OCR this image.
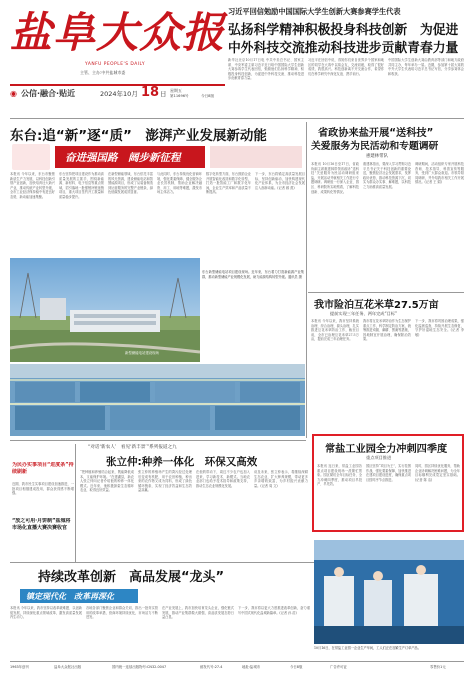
盐阜大众报
YANFU PEOPLE'S DAILY
主管、主办:中共盐城市委
◉ 公信·融合·贴近	2024年10月 18 日 星期五
第11696号	今日8版
习近平回信勉励中国国际大学生创新大赛参赛学生代表
弘扬科学精神积极投身科技创新　为促进
中外科技交流推动科技进步贡献青春力量
新华社北京10月17日电 中共中央总书记、国家主席、中央军委主席习近平近日给中国国际大学生创新大赛参赛学生代表回信，勉励他们弘扬科学精神，积极投身科技创新，为促进中外科技交流、推动科技进步贡献青春力量。
习近平在回信中说，得知你们来自世界多个国家和地区的同学在大赛中以赛会友，交流切磋，取得了很好成绩，我很高兴。科技创新离不开交流合作，希望你们在科学研究中深化友谊、携手前行。
中国国际大学生创新大赛由教育部等部门和地方政府共同主办，每年举办一届。近期，参加第十届大赛的中外大学生代表给习近平总书记写信，分享参赛体会和收获。
东台:追“新”逐“质”　澎湃产业发展新动能
奋进强国路　阔步新征程
本报讯 今年以来，东台市聚焦新质生产力发展，以科技创新引领产业创新，加快培育壮大新兴产业，推动传统产业转型升级，全市工业经济保持稳中有进良好态势，新动能加速集聚。
东台坚持把项目建设作为推动高质量发展的主抓手，围绕新能源、新材料、电子信息等重点领域，招引落地一批强链补链延链项目，重大项目签约开工数量和质量稳步提升。
在新型储能领域，东台依托丰富的风光资源，建设储能电站和智慧能源项目，形成了从装备制造到运营服务的完整产业链条，绿色低碳发展成效显著。
与此同时，东台持续优化营商环境，强化要素保障，健全服务企业长效机制，帮助企业解决融资、用工、用地等难题，激发市场主体活力。
数字化转型方面，东台鼓励企业开展智能化改造和数字化转型，打造一批智能工厂和数字化车间，企业生产效率和产品质量不断提高。
下一步，东台将锚定高质量发展目标，坚持创新驱动，加快构建现代化产业体系，为全市经济社会发展注入澎湃动能。(记者 顾 燕)
新型储能电站建设现场
东台新型储能电站项目建设现场。近年来，东台着力打造新能源产业集群，推动新型储能产业规模化发展，助力能源结构转型升级。通讯员 摄
省政协来盐开展“送科技”
关爱服务为民活动和专题调研
惠建林带队
本报讯 10月16日至17日，省政协副主席惠建林带领省政协“送科技”关爱服务为民活动调研组来盐，开展活动并就相关工作进行专题调研。调研组一行深入企业、园区、科研院所实地察看，了解科技创新、成果转化等情况。
惠建林指出，要深入学习贯彻习近平总书记关于科技创新的重要论述，聚焦经济社会发展需求，发挥政协优势，推动科技资源下沉，切实为群众办实事、解难题，以科技之力助推高质量发展。
调研期间，活动组织专家开展科技咨询、技术指导、科普宣传等服务，受到广大群众欢迎。市领导陪同调研，并介绍我市相关工作开展情况。(记者 王 娟)
我市险泊互花米草27.5万亩
提前实现三年任务、两年完成“目标”
本报讯 今年以来，我市坚持系统治理、综合治理、源头治理，扎实推进互花米草防治工作，截至目前，全市已治理互花米草27.5万亩，提前完成三年治理任务。
我市将互花米草防治作为生态保护重点工作，科学制定防治方案，统筹推进刈割、翻耕、围淹等措施，因地制宜开展治理，确保除治效果。
下一步，我市将巩固治理成果，强化监测巡查，持续开展生态修复，守护好湿地生态安全。(记者 李 敏)
常盐工业园全力冲刺四季度
重点项目推进
本报讯 连日来，常盐工业园各重点项目建设现场一派繁忙景象。园区紧盯全年目标任务，全力冲刺四季度，推动项目早投产、早见效。
园区坚持“项目为王”，实行挂图作战，强化要素保障，加快推进在建项目建设进度，确保重点项目按时序节点推进。
同时，园区持续优化服务，帮助企业协调解决困难问题，为全年目标顺利完成奠定坚实基础。(记者 陈 洁)
“对话‘新农人’　看见‘新丰景’”系列报道之九
张立仲:种养一体化　环保又高效
为民办实事项目“进度条”持续刷新
近期，我市民生实事项目建设加速推进，一批项目相继建成投用，群众获得感不断增强。
“放之可用·月饼制”盐城将市场化直播大赛决赛收官
“把种植和养殖结合起来，既能降低成本，又能保护环境。”在建湖县，新农人张立仲向记者介绍他的种养一体化模式。近年来，他积极探索生态循环农业，取得良好效益。
张立仲的养殖场产生的粪污经过处理后变成有机肥，用于农田种植，种出来的农作物又成为饲料，形成了绿色循环链条，实现了经济效益和生态效益双赢。
在他的带动下，周边不少农户也加入进来，学习新技术、新模式。当地农业部门也给予技术指导和政策支持，推动生态农业规模化发展。
谈及未来，张立仲表示，将继续深耕生态农业，扩大种养规模，带动更多乡亲增收致富，为乡村振兴贡献力量。(记者 周 文)
持续改革创新　高品发展“龙头”
镇定现代化　改革再深化
本报讯 今年以来，我市坚持以改革破难题、以创新促发展，持续深化重点领域改革，激发高质量发展内生动力。
各地各部门聚焦企业和群众关切，推出一批务实管用的改革举措，营商环境持续优化，市场活力不断迸发。
在产业发展上，我市加快培育龙头企业，强化链式发展，推动产业集群做大做强，高品质发展态势日益凸显。
下一步，我市将以更大力度推进改革创新，奋力谱写中国式现代化盐城新篇章。(记者 孙 浩)
10月16日，在常盐工业园一企业生产车间，工人们正在加紧生产订单产品。
1963年创刊	盐阜大众报社出版	国内统一连续出版物号:CN32-0047	邮发代号:27-4	地址:盐城市	今日8版	广告许可证	零售价1元
